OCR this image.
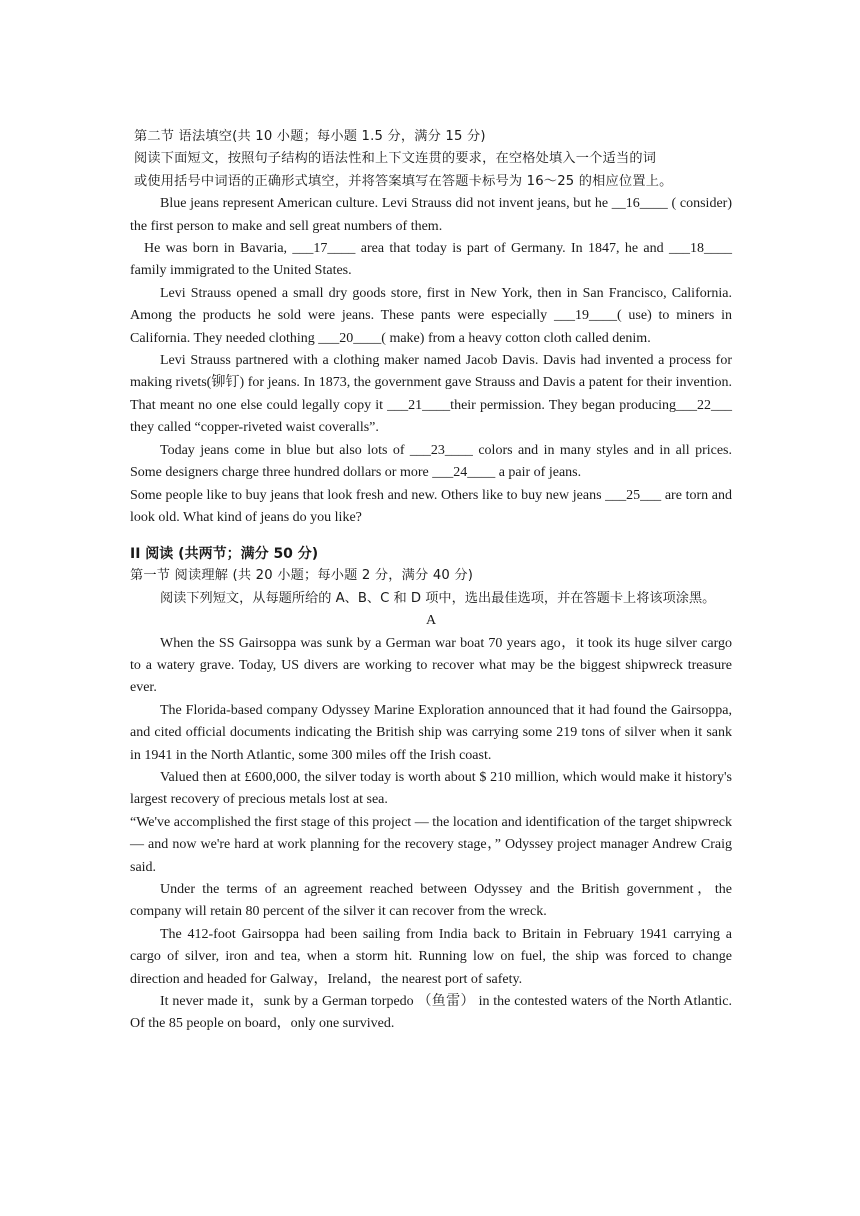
第二节 语法填空(共 10 小题；每小题 1.5 分，满分 15 分)

阅读下面短文，按照句子结构的语法性和上下文连贯的要求，在空格处填入一个适当的词

或使用括号中词语的正确形式填空，并将答案填写在答题卡标号为 16～25 的相应位置上。

Blue jeans represent American culture. Levi Strauss did not invent jeans, but he __16____ ( consider) the first person to make and sell great numbers of them.

He was born in Bavaria, ___17____ area that today is part of Germany. In 1847, he and ___18____ family immigrated to the United States.

Levi Strauss opened a small dry goods store, first in New York, then in San Francisco, California. Among the products he sold were jeans. These pants were especially ___19____( use) to miners in California. They needed clothing ___20____( make) from a heavy cotton cloth called denim.

Levi Strauss partnered with a clothing maker named Jacob Davis. Davis had invented a process for making rivets(铆钉) for jeans. In 1873, the government gave Strauss and Davis a patent for their invention. That meant no one else could legally copy it ___21____their permission. They began producing___22___ they called “copper-riveted waist coveralls”.

Today jeans come in blue but also lots of ___23____ colors and in many styles and in all prices. Some designers charge three hundred dollars or more ___24____ a pair of jeans.

Some people like to buy jeans that look fresh and new. Others like to buy new jeans ___25___ are torn and look old. What kind of jeans do you like?

II 阅读 (共两节；满分 50 分)

第一节 阅读理解 (共 20 小题；每小题 2 分，满分 40 分)

阅读下列短文，从每题所给的 A、B、C 和 D 项中，选出最佳选项，并在答题卡上将该项涂黑。

A

When the SS Gairsoppa was sunk by a German war boat 70 years ago，it took its huge silver cargo to a watery grave. Today, US divers are working to recover what may be the biggest shipwreck treasure ever.

The Florida-based company Odyssey Marine Exploration announced that it had found the Gairsoppa, and cited official documents indicating the British ship was carrying some 219 tons of silver when it sank in 1941 in the North Atlantic, some 300 miles off the Irish coast.

Valued then at £600,000, the silver today is worth about $ 210 million, which would make it history's largest recovery of precious metals lost at sea.

“We've accomplished the first stage of this project — the location and identification of the target shipwreck — and now we're hard at work planning for the recovery stage，” Odyssey project manager Andrew Craig said.

Under the terms of an agreement reached between Odyssey and the British government，the company will retain 80 percent of the silver it can recover from the wreck.

The 412-foot Gairsoppa had been sailing from India back to Britain in February 1941 carrying a cargo of silver, iron and tea, when a storm hit. Running low on fuel, the ship was forced to change direction and headed for Galway，Ireland，the nearest port of safety.

It never made it，sunk by a German torpedo （鱼雷） in the contested waters of the North Atlantic. Of the 85 people on board，only one survived.
